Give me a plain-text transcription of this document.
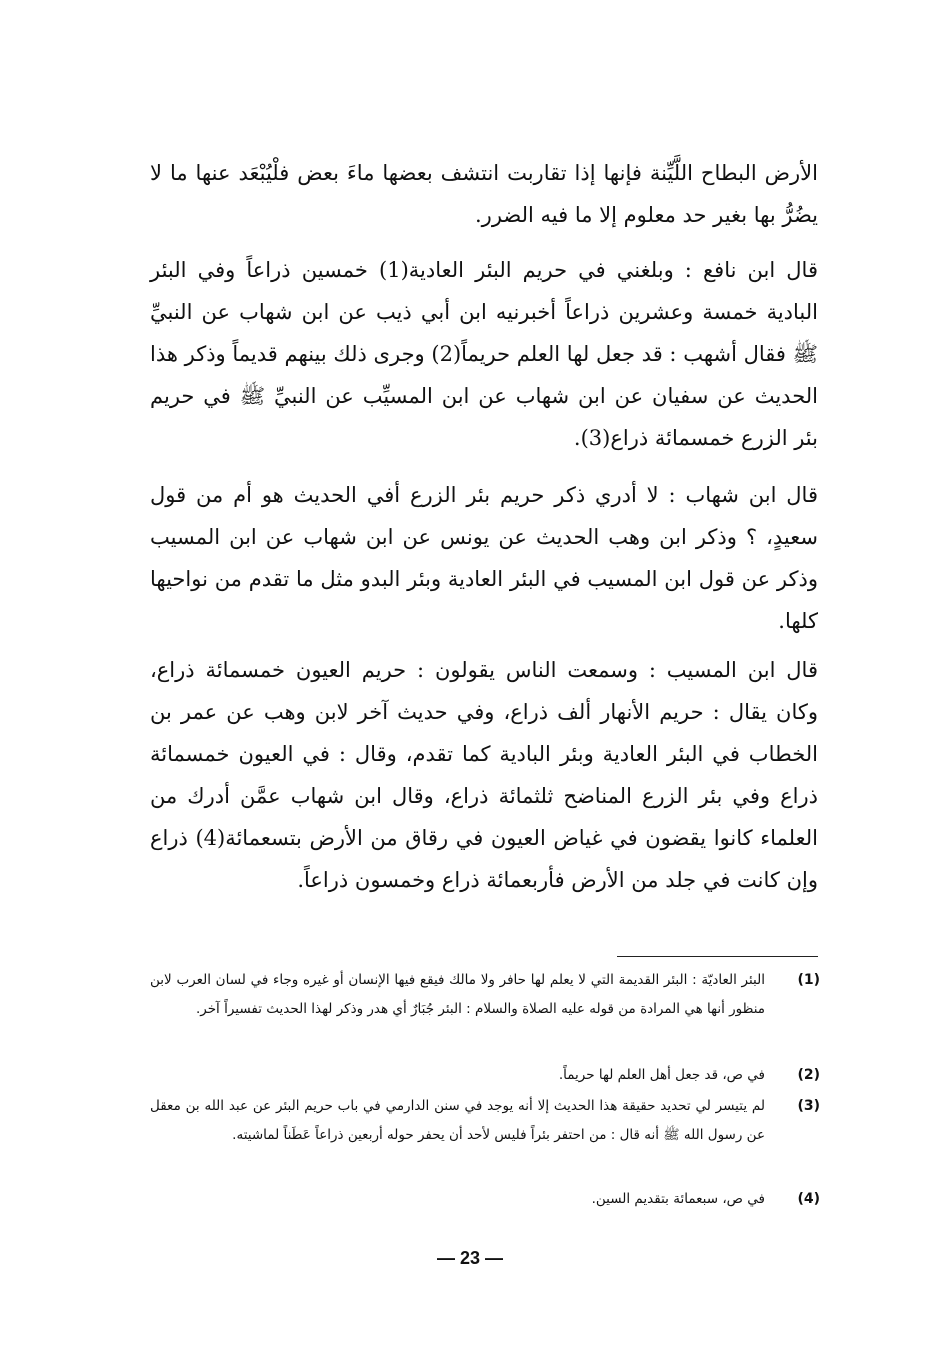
الأرض البطاح اللَّيِّنة فإنها إذا تقاربت انتشف بعضها ماءَ بعض فلْيُبْعَد عنها ما لا يضُرُّ بها بغير حد معلوم إلا ما فيه الضرر.

قال ابن نافع : وبلغني في حريم البئر العادية(1) خمسين ذراعاً وفي البئر البادية خمسة وعشرين ذراعاً أخبرنيه ابن أبي ذيب عن ابن شهاب عن النبيِّ ﷺ فقال أشهب : قد جعل لها العلم حريماً(2) وجرى ذلك بينهم قديماً وذكر هذا الحديث عن سفيان عن ابن شهاب عن ابن المسيِّب عن النبيِّ ﷺ في حريم بئر الزرع خمسمائة ذراع(3).

قال ابن شهاب : لا أدري ذكر حريم بئر الزرع أفي الحديث هو أم من قول سعيدٍ، ؟ وذكر ابن وهب الحديث عن يونس عن ابن شهاب عن ابن المسيب وذكر عن قول ابن المسيب في البئر العادية وبئر البدو مثل ما تقدم من نواحيها كلها.

قال ابن المسيب : وسمعت الناس يقولون : حريم العيون خمسمائة ذراع، وكان يقال : حريم الأنهار ألف ذراع، وفي حديث آخر لابن وهب عن عمر بن الخطاب في البئر العادية وبئر البادية كما تقدم، وقال : في العيون خمسمائة ذراع وفي بئر الزرع المناضح ثلثمائة ذراع، وقال ابن شهاب عمَّن أدرك من العلماء كانوا يقضون في غياض العيون في رقاق من الأرض بتسعمائة(4) ذراع وإن كانت في جلد من الأرض فأربعمائة ذراع وخمسون ذراعاً.

(1)
البئر العاديّة : البئر القديمة التي لا يعلم لها حافر ولا مالك فيقع فيها الإنسان أو غيره وجاء في لسان العرب لابن منظور أنها هي المرادة من قوله عليه الصلاة والسلام : البئر جُبَارٌ أي هدر وذكر لهذا الحديث تفسيراً آخر.
(2)
في ص، قد جعل أهل العلم لها حريماً.
(3)
لم يتيسر لي تحديد حقيقة هذا الحديث إلا أنه يوجد في سنن الدارمي في باب حريم البئر عن عبد الله بن معقل عن رسول الله ﷺ أنه قال : من احتفر بئراً فليس لأحد أن يحفر حوله أربعين ذراعاً عَطَناً لماشيته.
(4)
في ص، سبعمائة بتقديم السين.
— 23 —
